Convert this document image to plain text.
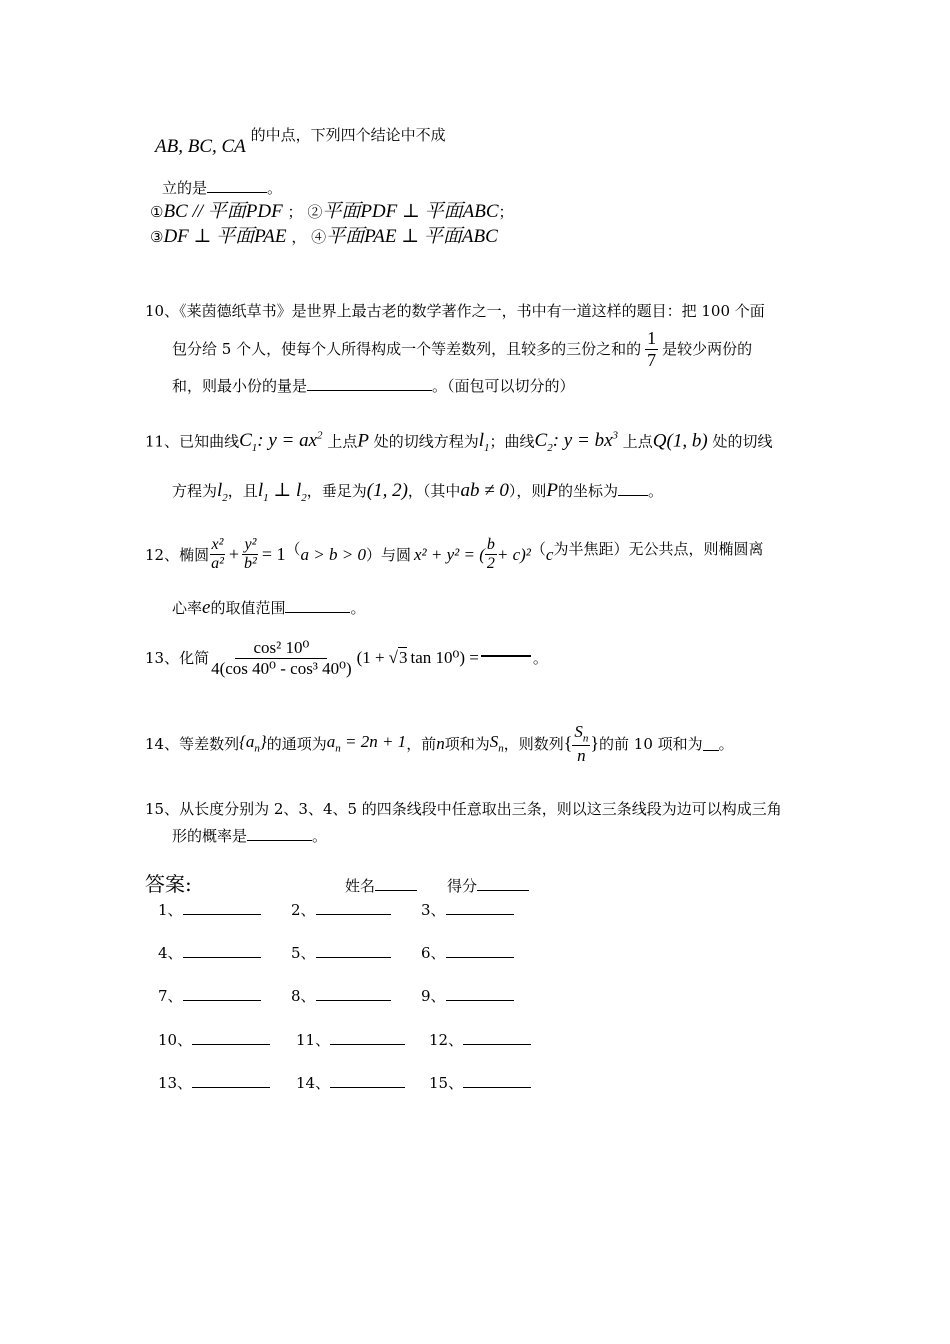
AB, BC, CA 的中点，下列四个结论中不成
立的是	。
①BC // 平面PDF ； ②平面PDF ⊥ 平面ABC；
③DF ⊥ 平面PAE ， ④平面PAE ⊥ 平面ABC
10、《莱茵德纸草书》是世界上最古老的数学著作之一，书中有一道这样的题目：把 100 个面
包分给 5 个人，使每个人所得构成一个等差数列，且较多的三份之和的 $\frac{1}{7}$ 是较少两份的
和，则最小份的量是	。（面包可以切分的）
11、已知曲线$C_1$: $y = ax^2$ 上点P 处的切线方程为$l_1$；曲线$C_2$: $y = bx^3$ 上点Q(1, b) 处的切线
方程为$l_2$，且$l_1$ ⊥ $l_2$，垂足为(1, 2)，（其中ab ≠ 0），则P的坐标为 。
12、椭圆 $\frac{\text{x²}}{\text{a²}} + \frac{\text{y²}}{\text{b²}} = 1$ （ a > b > 0 ）与圆 x² + y² = ( $\frac{b}{2} + c)^2$ （ c 为半焦距）无公共点，则椭圆离
心率e的取值范围	。
13、化简 $\frac{\text{cos² 10⁰}}{\text{4(cos 40⁰ - cos³ 40⁰)}} (1$ + √ 3 tan 10⁰) =	。
14、等差数列 $\{a_n\}$ 的通项为 $a_n = 2n + 1$ ，前 n 项和为 $S_n$ ，则数列 { $\frac{S_n}{n}$ } 的前 10 项和为 。
15、从长度分别为 2、3、4、5 的四条线段中任意取出三条，则以这三条线段为边可以构成三角
形的概率是	。
答案:	姓名	得分
1、	2、	3、
4、	5、	6、
7、	8、	9、
10、	11、	12、
13、	14、	15、
